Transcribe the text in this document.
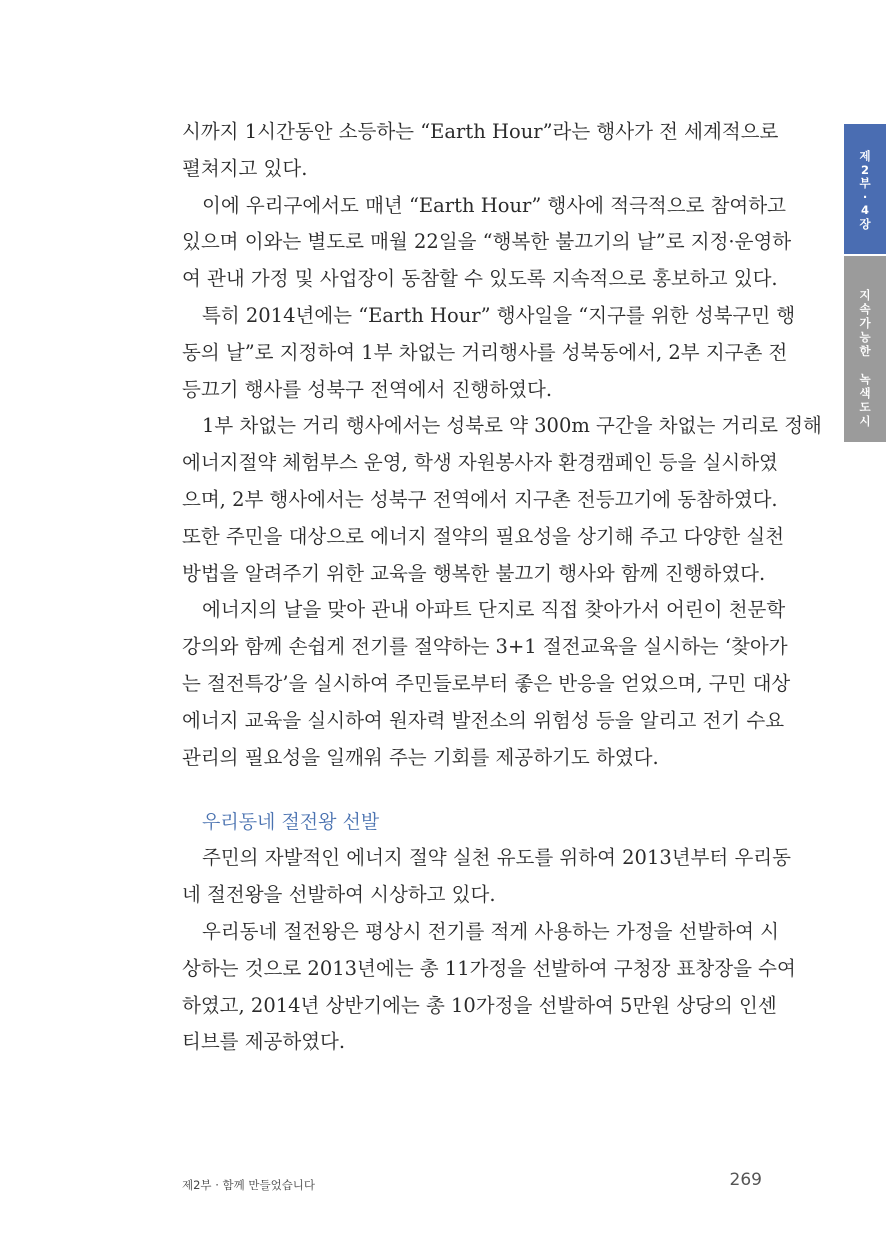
시까지 1시간동안 소등하는 “Earth Hour”라는 행사가 전 세계적으로
펼쳐지고 있다.
이에 우리구에서도 매년 “Earth Hour” 행사에 적극적으로 참여하고
있으며 이와는 별도로 매월 22일을 “행복한 불끄기의 날”로 지정·운영하
여 관내 가정 및 사업장이 동참할 수 있도록 지속적으로 홍보하고 있다.
특히 2014년에는 “Earth Hour” 행사일을 “지구를 위한 성북구민 행
동의 날”로 지정하여 1부 차없는 거리행사를 성북동에서, 2부 지구촌 전
등끄기 행사를 성북구 전역에서 진행하였다.
1부 차없는 거리 행사에서는 성북로 약 300m 구간을 차없는 거리로 정해
에너지절약 체험부스 운영, 학생 자원봉사자 환경캠페인 등을 실시하였
으며, 2부 행사에서는 성북구 전역에서 지구촌 전등끄기에 동참하였다.
또한 주민을 대상으로 에너지 절약의 필요성을 상기해 주고 다양한 실천
방법을 알려주기 위한 교육을 행복한 불끄기 행사와 함께 진행하였다.
에너지의 날을 맞아 관내 아파트 단지로 직접 찾아가서 어린이 천문학
강의와 함께 손쉽게 전기를 절약하는 3+1 절전교육을 실시하는 ‘찾아가
는 절전특강’을 실시하여 주민들로부터 좋은 반응을 얻었으며, 구민 대상
에너지 교육을 실시하여 원자력 발전소의 위험성 등을 알리고 전기 수요
관리의 필요성을 일깨워 주는 기회를 제공하기도 하였다.
우리동네 절전왕 선발
주민의 자발적인 에너지 절약 실천 유도를 위하여 2013년부터 우리동
네 절전왕을 선발하여 시상하고 있다.
우리동네 절전왕은 평상시 전기를 적게 사용하는 가정을 선발하여 시
상하는 것으로 2013년에는 총 11가정을 선발하여 구청장 표창장을 수여
하였고, 2014년 상반기에는 총 10가정을 선발하여 5만원 상당의 인센
티브를 제공하였다.
제
2
부
·
4
장
지
속
가
능
한
녹
색
도
시
제2부 · 함께 만들었습니다	269
